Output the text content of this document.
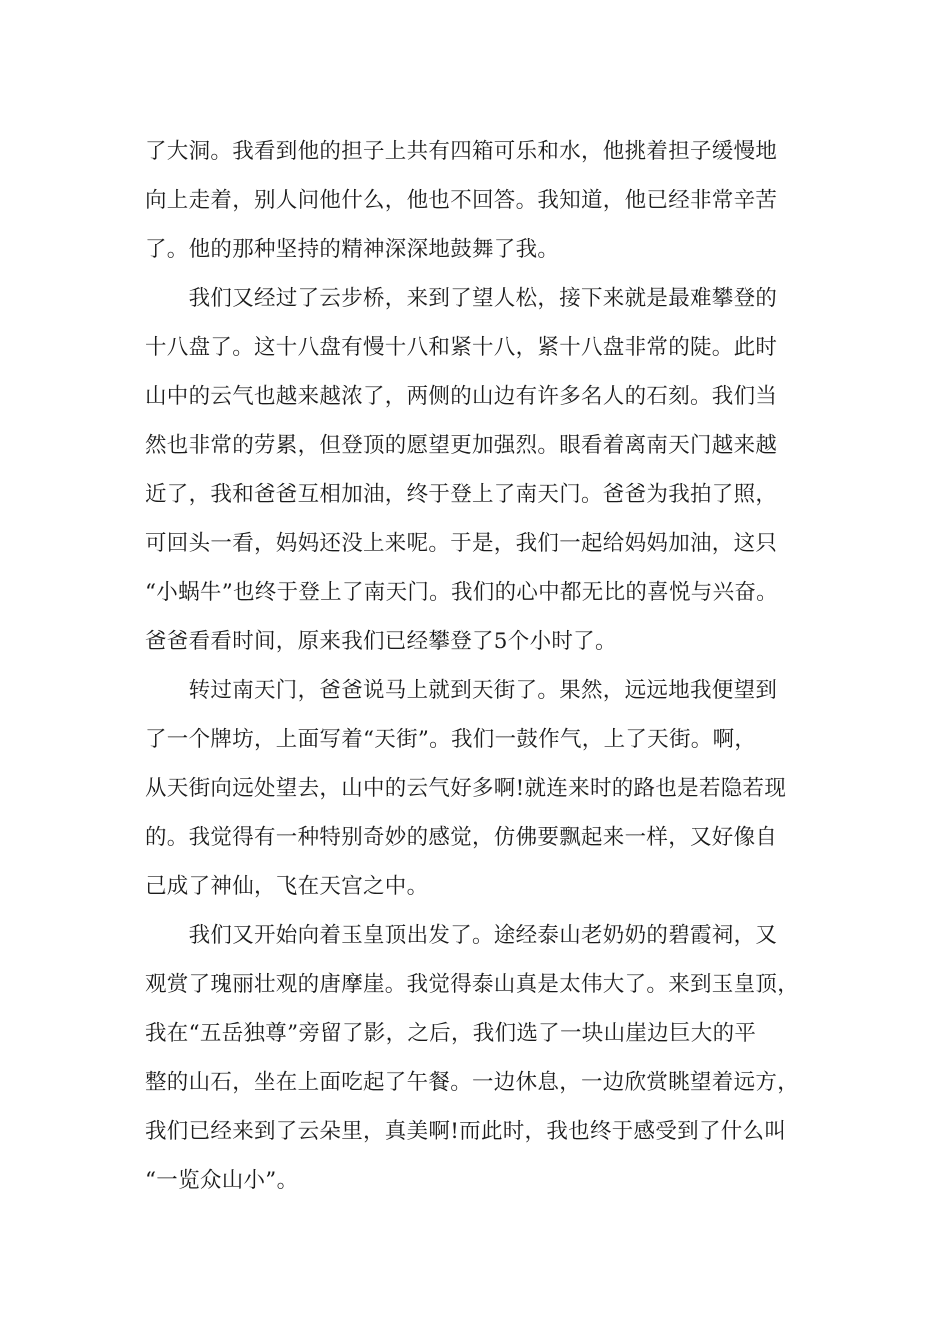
了大洞。我看到他的担子上共有四箱可乐和水，他挑着担子缓慢地

向上走着，别人问他什么，他也不回答。我知道，他已经非常辛苦

了。他的那种坚持的精神深深地鼓舞了我。

　　我们又经过了云步桥，来到了望人松，接下来就是最难攀登的

十八盘了。这十八盘有慢十八和紧十八，紧十八盘非常的陡。此时

山中的云气也越来越浓了，两侧的山边有许多名人的石刻。我们当

然也非常的劳累，但登顶的愿望更加强烈。眼看着离南天门越来越

近了，我和爸爸互相加油，终于登上了南天门。爸爸为我拍了照，

可回头一看，妈妈还没上来呢。于是，我们一起给妈妈加油，这只

“小蜗牛”也终于登上了南天门。我们的心中都无比的喜悦与兴奋。

爸爸看看时间，原来我们已经攀登了5个小时了。

　　转过南天门，爸爸说马上就到天街了。果然，远远地我便望到

了一个牌坊，上面写着“天街”。我们一鼓作气，上了天街。啊，

从天街向远处望去，山中的云气好多啊!就连来时的路也是若隐若现

的。我觉得有一种特别奇妙的感觉，仿佛要飘起来一样，又好像自

己成了神仙，飞在天宫之中。

　　我们又开始向着玉皇顶出发了。途经泰山老奶奶的碧霞祠，又

观赏了瑰丽壮观的唐摩崖。我觉得泰山真是太伟大了。来到玉皇顶，

我在“五岳独尊”旁留了影，之后，我们选了一块山崖边巨大的平

整的山石，坐在上面吃起了午餐。一边休息，一边欣赏眺望着远方，

我们已经来到了云朵里，真美啊!而此时，我也终于感受到了什么叫

“一览众山小”。
